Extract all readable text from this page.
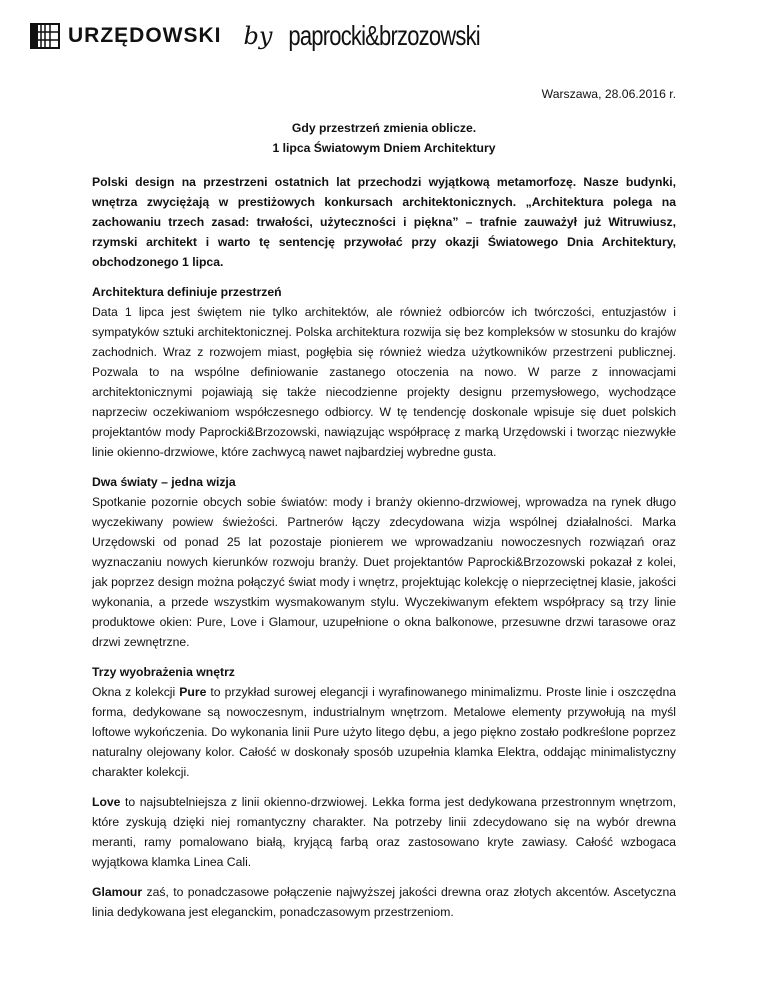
URZĘDOWSKI by paprocki&brzozowski
Warszawa, 28.06.2016 r.
Gdy przestrzeń zmienia oblicze.
1 lipca Światowym Dniem Architektury

Polski design na przestrzeni ostatnich lat przechodzi wyjątkową metamorfozę. Nasze budynki, wnętrza zwyciężają w prestiżowych konkursach architektonicznych. „Architektura polega na zachowaniu trzech zasad: trwałości, użyteczności i piękna” – trafnie zauważył już Witruwiusz, rzymski architekt i warto tę sentencję przywołać przy okazji Światowego Dnia Architektury, obchodzonego 1 lipca.

Architektura definiuje przestrzeń

Data 1 lipca jest świętem nie tylko architektów, ale również odbiorców ich twórczości, entuzjastów i sympatyków sztuki architektonicznej. Polska architektura rozwija się bez kompleksów w stosunku do krajów zachodnich. Wraz z rozwojem miast, pogłębia się również wiedza użytkowników przestrzeni publicznej. Pozwala to na wspólne definiowanie zastanego otoczenia na nowo. W parze z innowacjami architektonicznymi pojawiają się także niecodzienne projekty designu przemysłowego, wychodzące naprzeciw oczekiwaniom współczesnego odbiorcy. W tę tendencję doskonale wpisuje się duet polskich projektantów mody Paprocki&Brzozowski, nawiązując współpracę z marką Urzędowski i tworząc niezwykłe linie okienno-drzwiowe, które zachwycą nawet najbardziej wybredne gusta.

Dwa światy – jedna wizja

Spotkanie pozornie obcych sobie światów: mody i branży okienno-drzwiowej, wprowadza na rynek długo wyczekiwany powiew świeżości. Partnerów łączy zdecydowana wizja wspólnej działalności. Marka Urzędowski od ponad 25 lat pozostaje pionierem we wprowadzaniu nowoczesnych rozwiązań oraz wyznaczaniu nowych kierunków rozwoju branży. Duet projektantów Paprocki&Brzozowski pokazał z kolei, jak poprzez design można połączyć świat mody i wnętrz, projektując kolekcję o nieprzeciętnej klasie, jakości wykonania, a przede wszystkim wysmakowanym stylu. Wyczekiwanym efektem współpracy są trzy linie produktowe okien: Pure, Love i Glamour, uzupełnione o okna balkonowe, przesuwne drzwi tarasowe oraz drzwi zewnętrzne.

Trzy wyobrażenia wnętrz

Okna z kolekcji Pure to przykład surowej elegancji i wyrafinowanego minimalizmu. Proste linie i oszczędna forma, dedykowane są nowoczesnym, industrialnym wnętrzom. Metalowe elementy przywołują na myśl loftowe wykończenia. Do wykonania linii Pure użyto litego dębu, a jego piękno zostało podkreślone poprzez naturalny olejowany kolor. Całość w doskonały sposób uzupełnia klamka Elektra, oddając minimalistyczny charakter kolekcji.

Love to najsubtelniejsza z linii okienno-drzwiowej. Lekka forma jest dedykowana przestronnym wnętrzom, które zyskują dzięki niej romantyczny charakter. Na potrzeby linii zdecydowano się na wybór drewna meranti, ramy pomalowano białą, kryjącą farbą oraz zastosowano kryte zawiasy. Całość wzbogaca wyjątkowa klamka Linea Cali.

Glamour zaś, to ponadczasowe połączenie najwyższej jakości drewna oraz złotych akcentów. Ascetyczna linia dedykowana jest eleganckim, ponadczasowym przestrzeniom.
